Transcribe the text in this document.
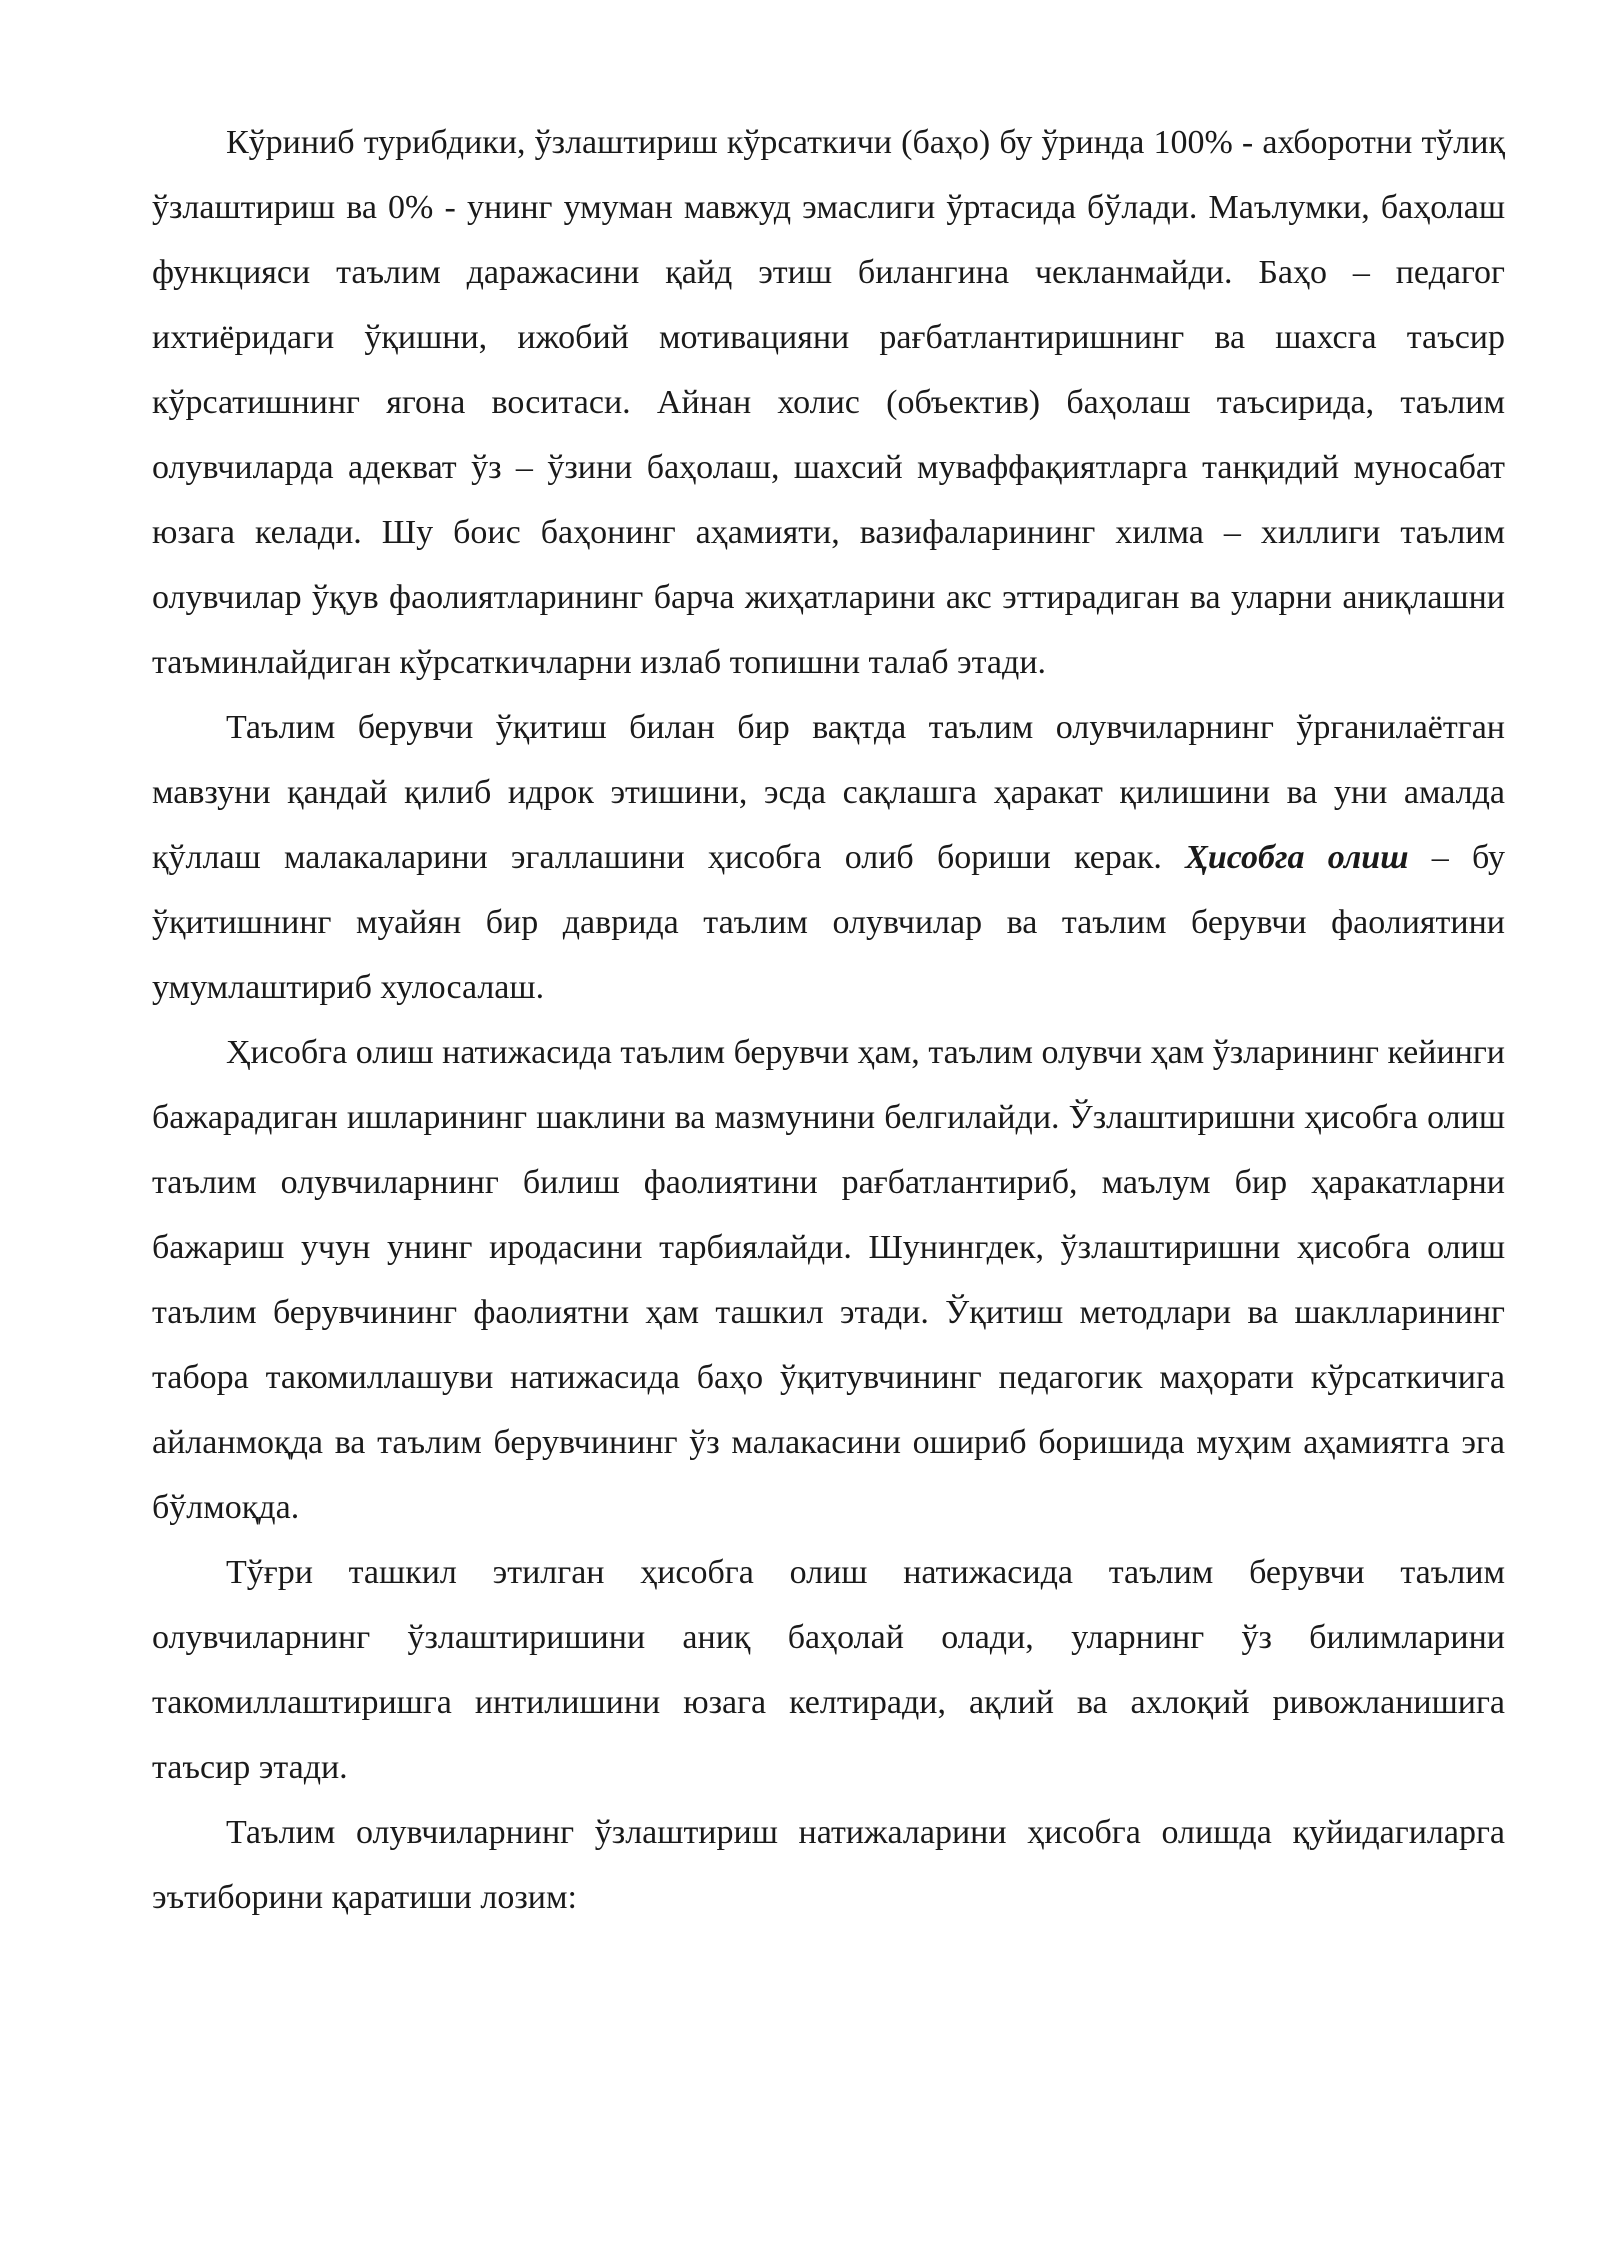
Кўриниб турибдики, ўзлаштириш кўрсаткичи (баҳо) бу ўринда 100% - ахборотни тўлиқ ўзлаштириш ва 0% - унинг умуман мавжуд эмаслиги ўртасида бўлади. Маълумки, баҳолаш функцияси таълим даражасини қайд этиш билангина чекланмайди. Баҳо – педагог ихтиёридаги ўқишни, ижобий мотивацияни рағбатлантиришнинг ва шахсга таъсир кўрсатишнинг ягона воситаси. Айнан холис (объектив) баҳолаш таъсирида, таълим олувчиларда адекват ўз – ўзини баҳолаш, шахсий муваффақиятларга танқидий муносабат юзага келади. Шу боис баҳонинг аҳамияти, вазифаларининг хилма – хиллиги таълим олувчилар ўқув фаолиятларининг барча жиҳатларини акс эттирадиган ва уларни аниқлашни таъминлайдиган кўрсаткичларни излаб топишни талаб этади.

Таълим берувчи ўқитиш билан бир вақтда таълим олувчиларнинг ўрганилаётган мавзуни қандай қилиб идрок этишини, эсда сақлашга ҳаракат қилишини ва уни амалда қўллаш малакаларини эгаллашини ҳисобга олиб бориши керак. Ҳисобга олиш – бу ўқитишнинг муайян бир даврида таълим олувчилар ва таълим берувчи фаолиятини умумлаштириб хулосалаш.

Ҳисобга олиш натижасида таълим берувчи ҳам, таълим олувчи ҳам ўзларининг кейинги бажарадиган ишларининг шаклини ва мазмунини белгилайди. Ўзлаштиришни ҳисобга олиш таълим олувчиларнинг билиш фаолиятини рағбатлантириб, маълум бир ҳаракатларни бажариш учун унинг иродасини тарбиялайди. Шунингдек, ўзлаштиришни ҳисобга олиш таълим берувчининг фаолиятни ҳам ташкил этади. Ўқитиш методлари ва шаклларининг табора такомиллашуви натижасида баҳо ўқитувчининг педагогик маҳорати кўрсаткичига айланмоқда ва таълим берувчининг ўз малакасини ошириб боришида муҳим аҳамиятга эга бўлмоқда.

Тўғри ташкил этилган ҳисобга олиш натижасида таълим берувчи таълим олувчиларнинг ўзлаштиришини аниқ баҳолай олади, уларнинг ўз билимларини такомиллаштиришга интилишини юзага келтиради, ақлий ва ахлоқий ривожланишига таъсир этади.

Таълим олувчиларнинг ўзлаштириш натижаларини ҳисобга олишда қуйидагиларга эътиборини қаратиши лозим:
